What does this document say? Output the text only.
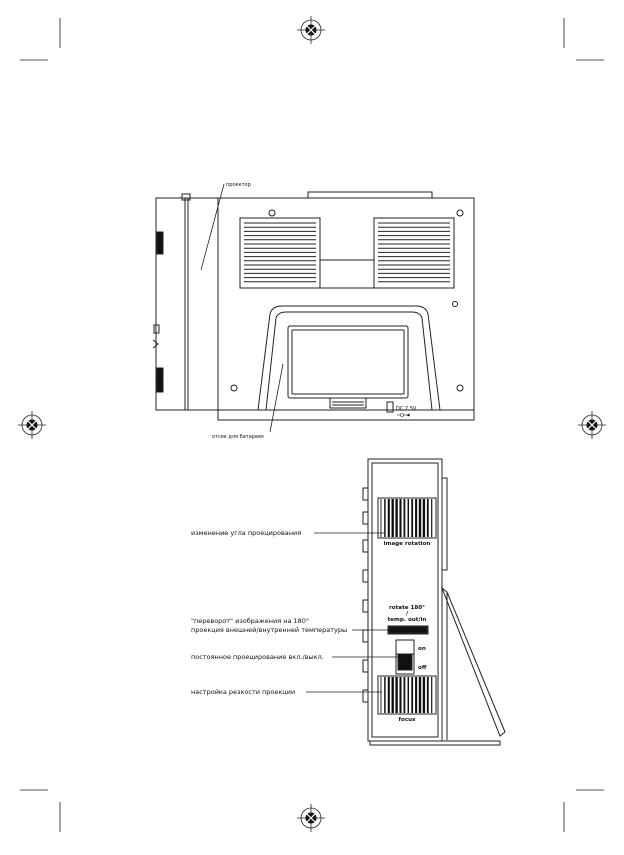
проектор
отсек для батареек
DC 7.5V
image rotation
rotate 180°
/
temp. out/in
on
off
focus
изменение угла проецирования
"переворот" изображения на 180°
проекция внешней/внутренней температуры
постоянное проецирование вкл./выкл.
настройка резкости проекции
